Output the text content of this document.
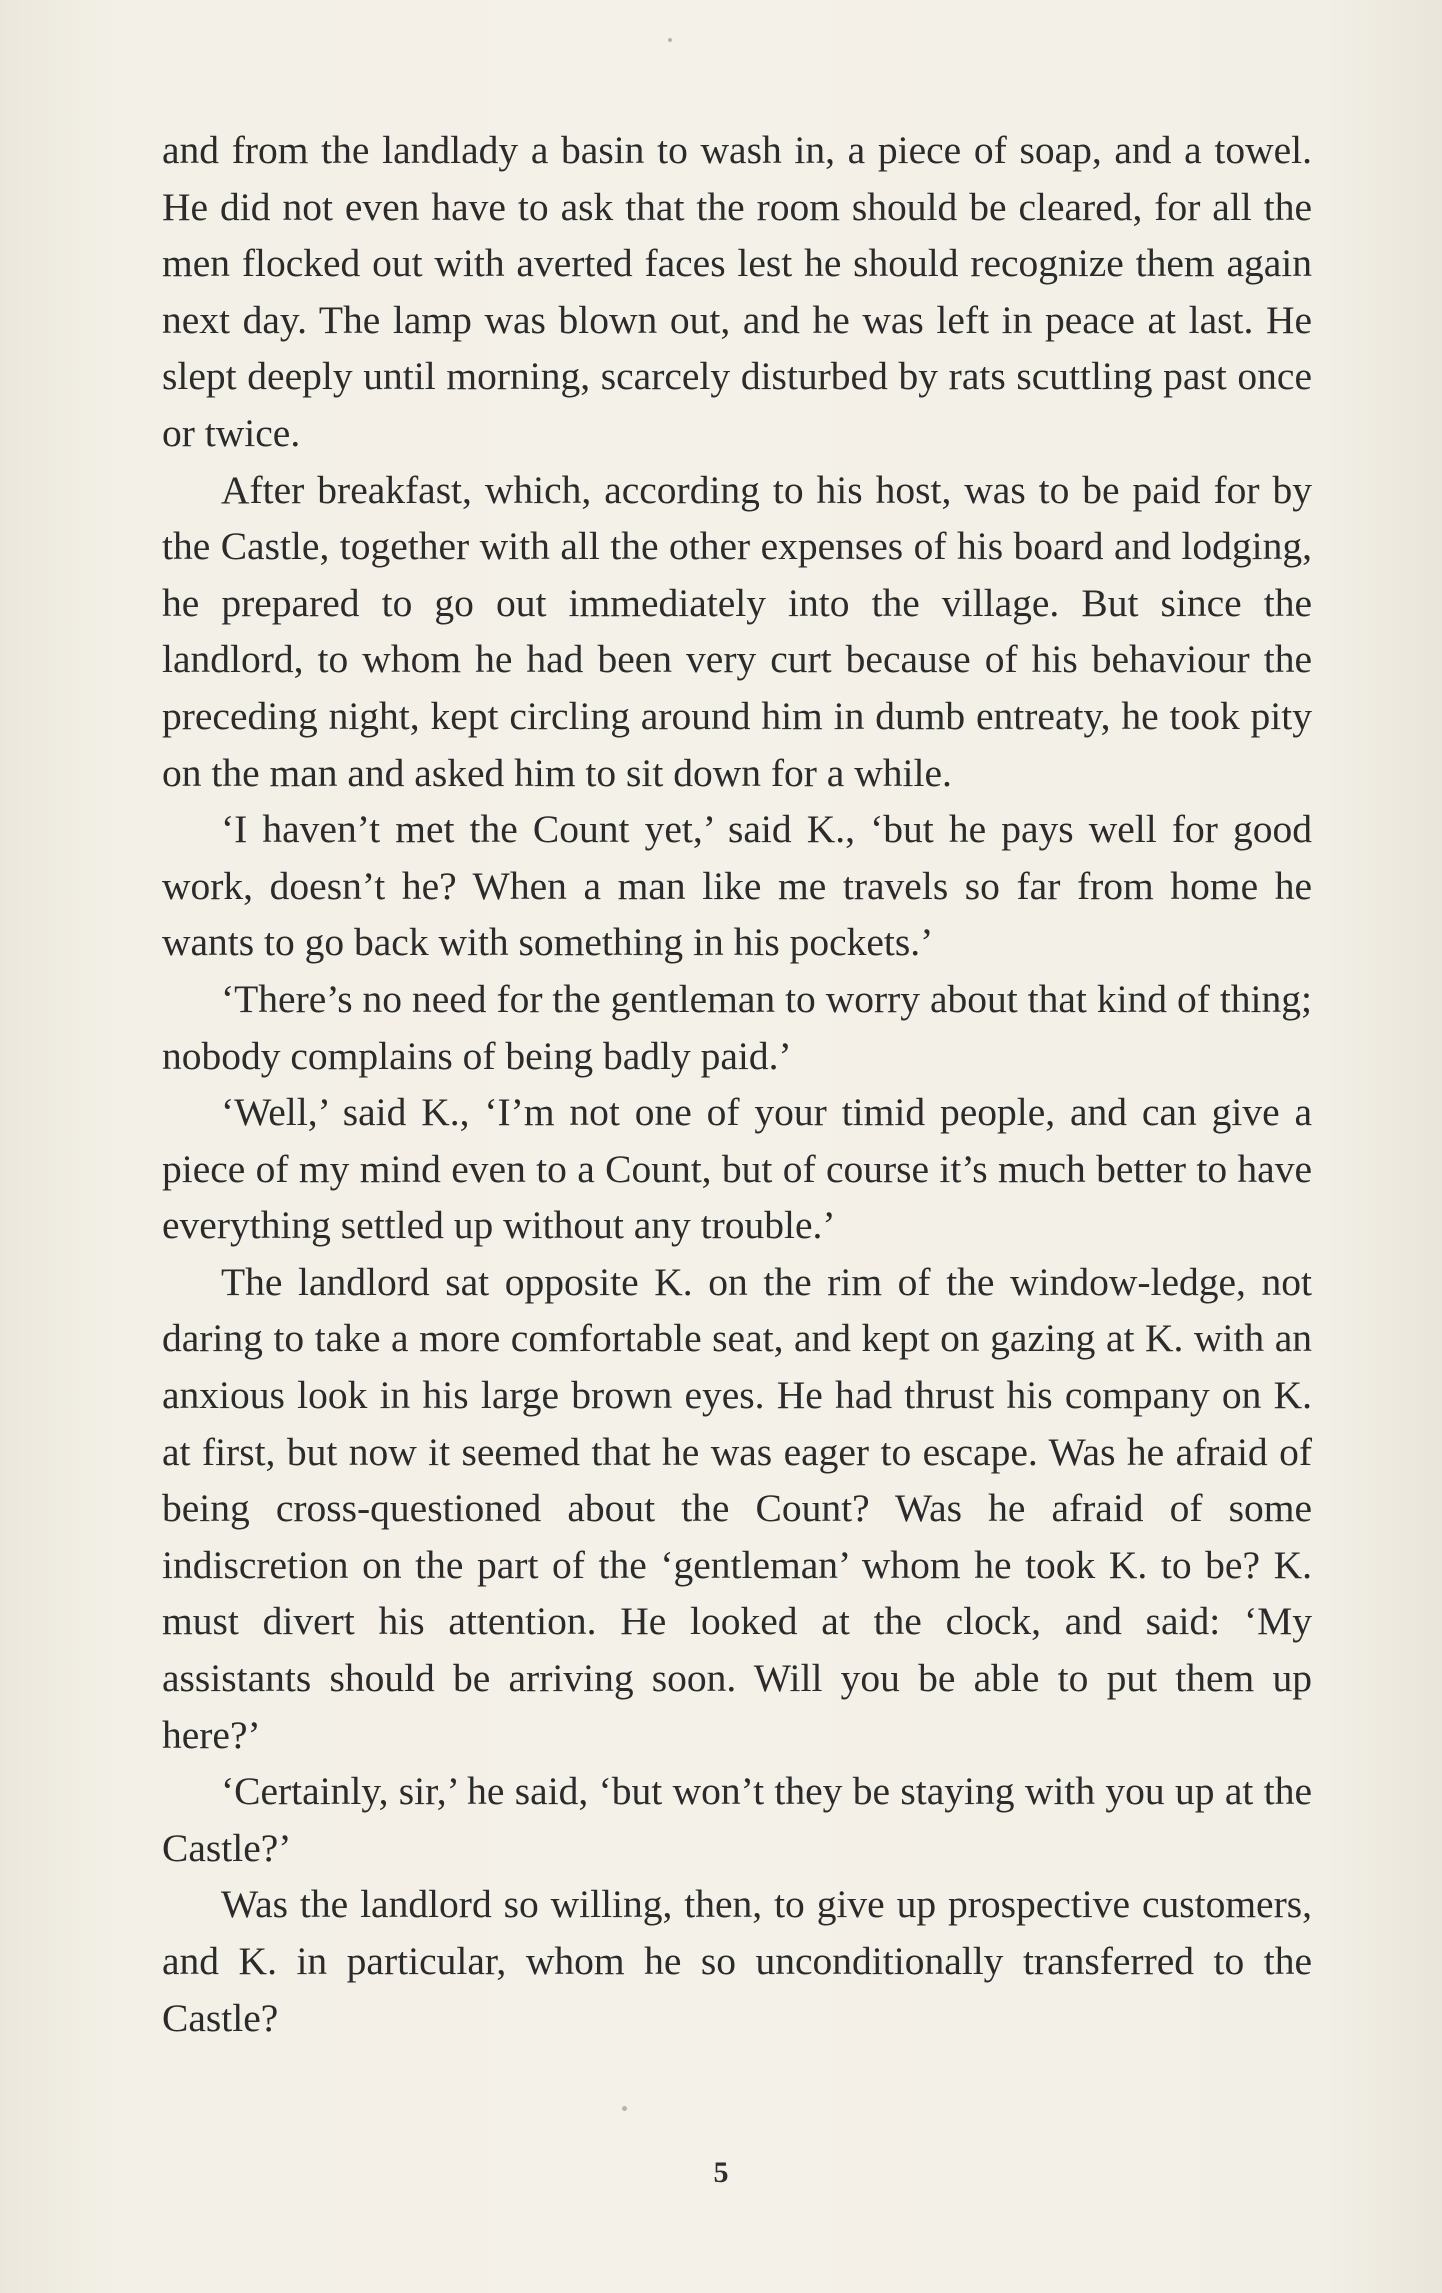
and from the landlady a basin to wash in, a piece of soap, and a towel. He did not even have to ask that the room should be cleared, for all the men flocked out with averted faces lest he should recognize them again next day. The lamp was blown out, and he was left in peace at last. He slept deeply until morning, scarcely disturbed by rats scuttling past once or twice.

After breakfast, which, according to his host, was to be paid for by the Castle, together with all the other expenses of his board and lodging, he prepared to go out immediately into the village. But since the landlord, to whom he had been very curt because of his behaviour the preceding night, kept circling around him in dumb entreaty, he took pity on the man and asked him to sit down for a while.

‘I haven’t met the Count yet,’ said K., ‘but he pays well for good work, doesn’t he? When a man like me travels so far from home he wants to go back with something in his pockets.’

‘There’s no need for the gentleman to worry about that kind of thing; nobody complains of being badly paid.’

‘Well,’ said K., ‘I’m not one of your timid people, and can give a piece of my mind even to a Count, but of course it’s much better to have everything settled up without any trouble.’

The landlord sat opposite K. on the rim of the window-ledge, not daring to take a more comfortable seat, and kept on gazing at K. with an anxious look in his large brown eyes. He had thrust his company on K. at first, but now it seemed that he was eager to escape. Was he afraid of being cross-questioned about the Count? Was he afraid of some indiscretion on the part of the ‘gentleman’ whom he took K. to be? K. must divert his attention. He looked at the clock, and said: ‘My assistants should be arriving soon. Will you be able to put them up here?’

‘Certainly, sir,’ he said, ‘but won’t they be staying with you up at the Castle?’

Was the landlord so willing, then, to give up prospective customers, and K. in particular, whom he so unconditionally transferred to the Castle?

5
